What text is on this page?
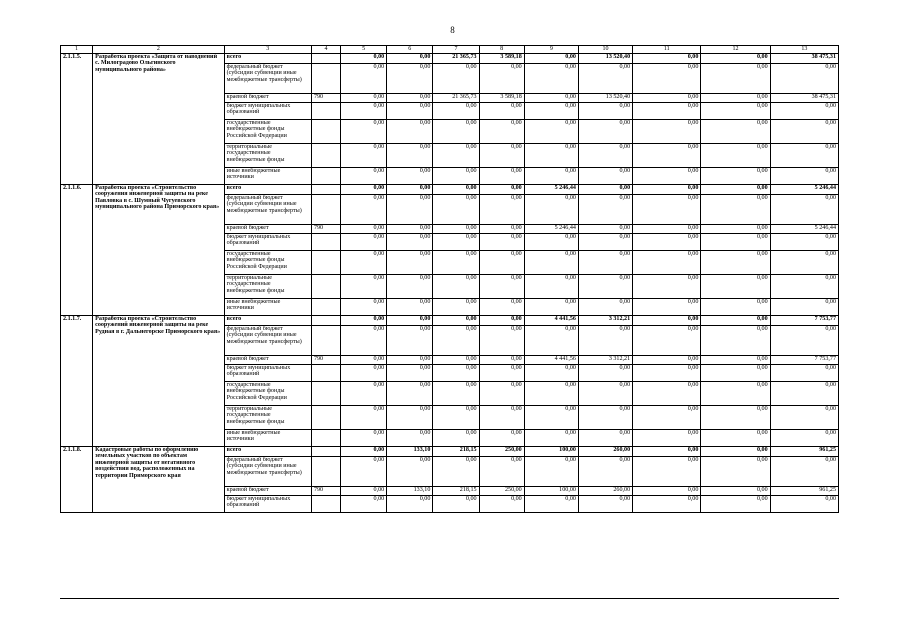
8
1	2	3	4	5	6	7	8	9	10	11	12	13
2.1.1.5.	Разработка проекта «Защита от наводнений с. Милоградово Ольгинского муниципального района»	всего		0,00	0,00	21 365,73	3 589,18	0,00	13 520,40	0,00	0,00	38 475,31
		федеральный бюджет (субсидии субвенции иные межбюджетные трансферты)		0,00	0,00	0,00	0,00	0,00	0,00	0,00	0,00	0,00
		краевой бюджет	790	0,00	0,00	21 365,73	3 589,18	0,00	13 520,40	0,00	0,00	38 475,31
		бюджет муниципальных образований		0,00	0,00	0,00	0,00	0,00	0,00	0,00	0,00	0,00
		государственные внебюджетные фонды Российской Федерации		0,00	0,00	0,00	0,00	0,00	0,00	0,00	0,00	0,00
		территориальные государственные внебюджетные фонды		0,00	0,00	0,00	0,00	0,00	0,00	0,00	0,00	0,00
		иные внебюджетные источники		0,00	0,00	0,00	0,00	0,00	0,00	0,00	0,00	0,00
2.1.1.6.	Разработка проекта «Строительство сооружения инженерной защиты на реке Павловка в с. Шумный Чугуевского муниципального района Приморского края»	всего		0,00	0,00	0,00	0,00	5 246,44	0,00	0,00	0,00	5 246,44
		федеральный бюджет (субсидии субвенции иные межбюджетные трансферты)		0,00	0,00	0,00	0,00	0,00	0,00	0,00	0,00	0,00
		краевой бюджет	790	0,00	0,00	0,00	0,00	5 246,44	0,00	0,00	0,00	5 246,44
		бюджет муниципальных образований		0,00	0,00	0,00	0,00	0,00	0,00	0,00	0,00	0,00
		государственные внебюджетные фонды Российской Федерации		0,00	0,00	0,00	0,00	0,00	0,00	0,00	0,00	0,00
		территориальные государственные внебюджетные фонды		0,00	0,00	0,00	0,00	0,00	0,00	0,00	0,00	0,00
		иные внебюджетные источники		0,00	0,00	0,00	0,00	0,00	0,00	0,00	0,00	0,00
2.1.1.7.	Разработка проекта «Строительство сооружений инженерной защиты на реке Рудная в г. Дальнегорске Приморского края»	всего		0,00	0,00	0,00	0,00	4 441,56	3 312,21	0,00	0,00	7 753,77
		федеральный бюджет (субсидии субвенции иные межбюджетные трансферты)		0,00	0,00	0,00	0,00	0,00	0,00	0,00	0,00	0,00
		краевой бюджет	790	0,00	0,00	0,00	0,00	4 441,56	3 312,21	0,00	0,00	7 753,77
		бюджет муниципальных образований		0,00	0,00	0,00	0,00	0,00	0,00	0,00	0,00	0,00
		государственные внебюджетные фонды Российской Федерации		0,00	0,00	0,00	0,00	0,00	0,00	0,00	0,00	0,00
		территориальные государственные внебюджетные фонды		0,00	0,00	0,00	0,00	0,00	0,00	0,00	0,00	0,00
		иные внебюджетные источники		0,00	0,00	0,00	0,00	0,00	0,00	0,00	0,00	0,00
2.1.1.8.	Кадастровые работы по оформлению земельных участков по объектам инженерной защиты от негативного воздействия вод, расположенных на территории Приморского края	всего		0,00	133,10	218,15	250,00	100,00	260,00	0,00	0,00	961,25
		федеральный бюджет (субсидии субвенции иные межбюджетные трансферты)		0,00	0,00	0,00	0,00	0,00	0,00	0,00	0,00	0,00
		краевой бюджет	790	0,00	133,10	218,15	250,00	100,00	260,00	0,00	0,00	961,25
		бюджет муниципальных образований		0,00	0,00	0,00	0,00	0,00	0,00	0,00	0,00	0,00
